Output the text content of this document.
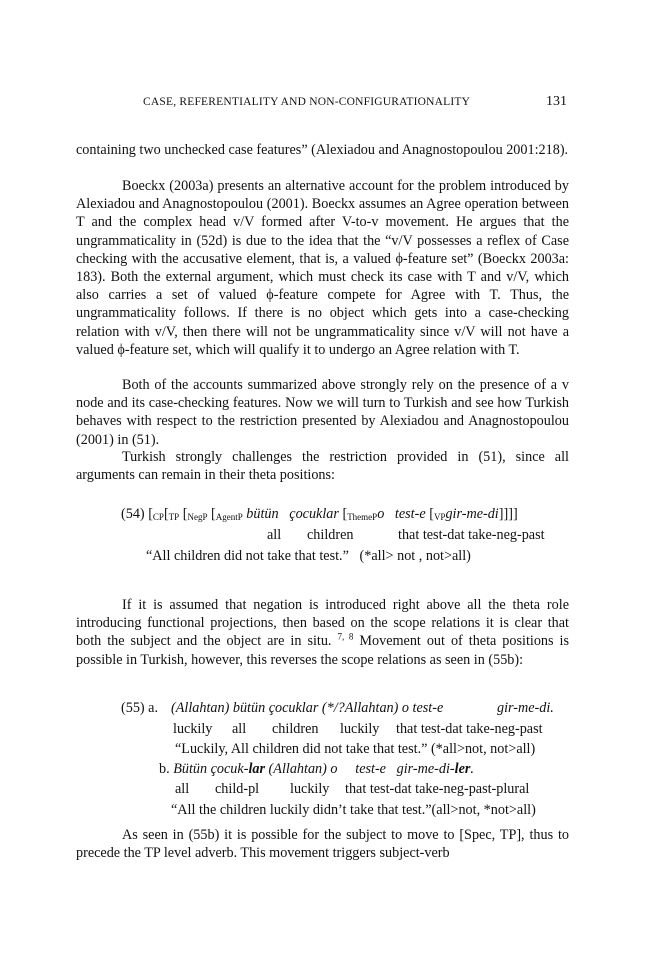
CASE, REFERENTIALITY AND NON-CONFIGURATIONALITY	131
containing two unchecked case features” (Alexiadou and Anagnostopoulou 2001:218).
Boeckx (2003a) presents an alternative account for the problem introduced by Alexiadou and Anagnostopoulou (2001). Boeckx assumes an Agree operation between T and the complex head v/V formed after V-to-v movement. He argues that the ungrammaticality in (52d) is due to the idea that the “v/V possesses a reflex of Case checking with the accusative element, that is, a valued ϕ-feature set” (Boeckx 2003a: 183). Both the external argument, which must check its case with T and v/V, which also carries a set of valued ϕ-feature compete for Agree with T. Thus, the ungrammaticality follows. If there is no object which gets into a case-checking relation with v/V, then there will not be ungrammaticality since v/V will not have a valued ϕ-feature set, which will qualify it to undergo an Agree relation with T.
Both of the accounts summarized above strongly rely on the presence of a v node and its case-checking features. Now we will turn to Turkish and see how Turkish behaves with respect to the restriction presented by Alexiadou and Anagnostopoulou (2001) in (51).
Turkish strongly challenges the restriction provided in (51), since all arguments can remain in their theta positions:
(54) [$_{CP}[_{TP}$ [$_{NegP}$ [$_{AgentP}$ bütün çocuklar [$_{ThemeP}o$ test-e $[_{VP}gir-me-di]$]]]
all children	that test-dat take-neg-past
“All children did not take that test.” (*all> not , not>all)
If it is assumed that negation is introduced right above all the theta role introducing functional projections, then based on the scope relations it is clear that both the subject and the object are in situ. $^{7, 8}$ Movement out of theta positions is possible in Turkish, however, this reverses the scope relations as seen in (55b):
(55) a. (Allahtan) bütün çocuklar (*/?Allahtan) o test-e	gir-me-di.
luckily all children luckily that test-dat take-neg-past
“Luckily, All children did not take that test.” (*all>not, not>all)
b. Bütün çocuk-lar (Allahtan) o test-e gir-me-di-ler.
all child-pl luckily that test-dat take-neg-past-plural
“All the children luckily didn’t take that test.”(all>not, *not>all)
As seen in (55b) it is possible for the subject to move to [Spec, TP], thus to precede the TP level adverb. This movement triggers subject-verb
